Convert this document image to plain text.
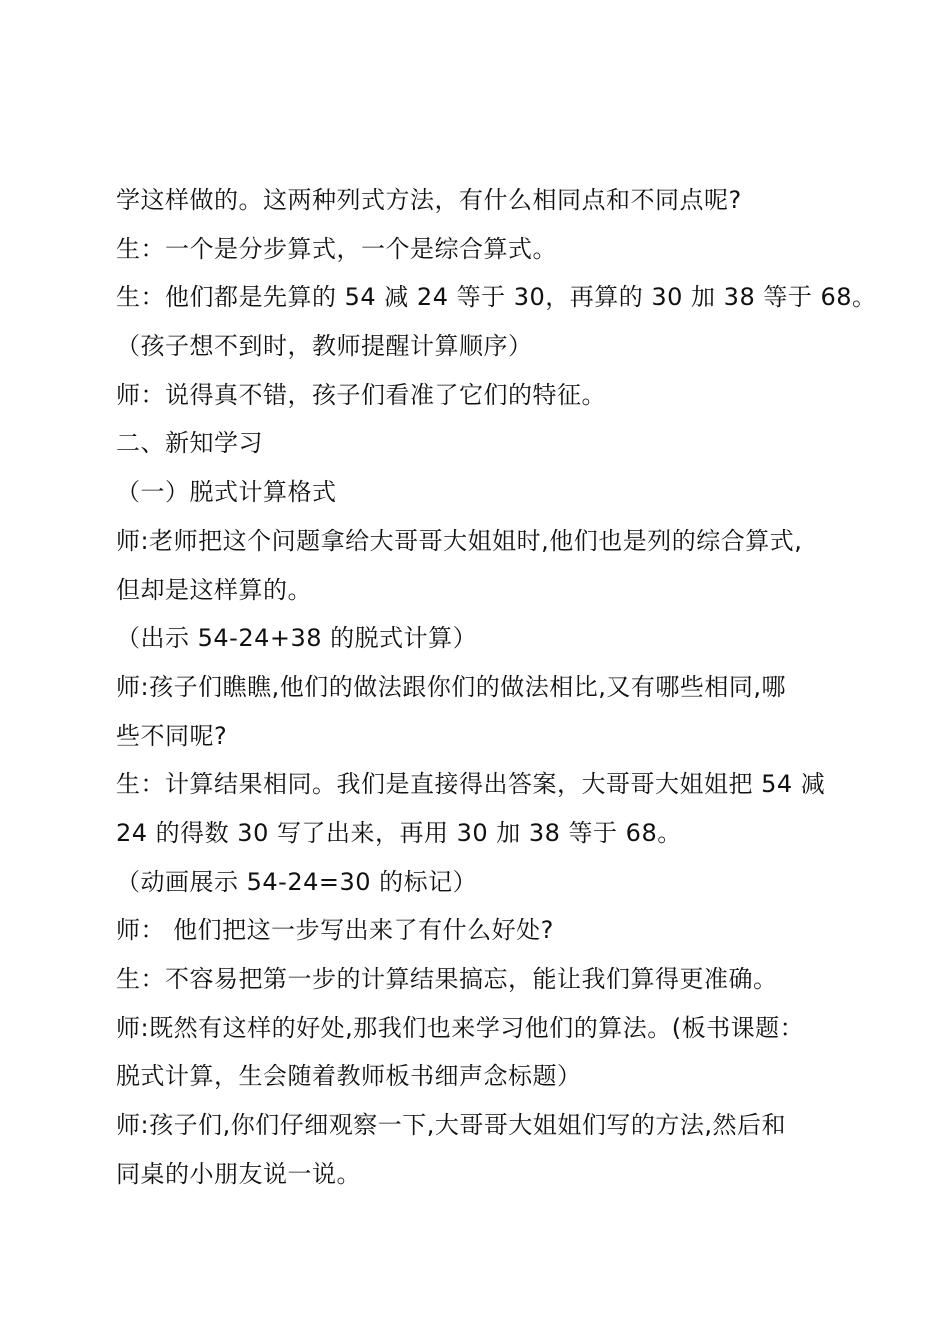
学这样做的。这两种列式方法，有什么相同点和不同点呢?
生：一个是分步算式，一个是综合算式。
生：他们都是先算的 54 减 24 等于 30，再算的 30 加 38 等于 68。
（孩子想不到时，教师提醒计算顺序）
师：说得真不错，孩子们看准了它们的特征。
二、新知学习
（一）脱式计算格式
师:老师把这个问题拿给大哥哥大姐姐时,他们也是列的综合算式,
但却是这样算的。
（出示 54-24+38 的脱式计算）
师:孩子们瞧瞧,他们的做法跟你们的做法相比,又有哪些相同,哪
些不同呢?
生：计算结果相同。我们是直接得出答案，大哥哥大姐姐把 54 减
24 的得数 30 写了出来，再用 30 加 38 等于 68。
（动画展示 54-24=30 的标记）
师： 他们把这一步写出来了有什么好处?
生：不容易把第一步的计算结果搞忘，能让我们算得更准确。
师:既然有这样的好处,那我们也来学习他们的算法。(板书课题：
脱式计算，生会随着教师板书细声念标题）
师:孩子们,你们仔细观察一下,大哥哥大姐姐们写的方法,然后和
同桌的小朋友说一说。
